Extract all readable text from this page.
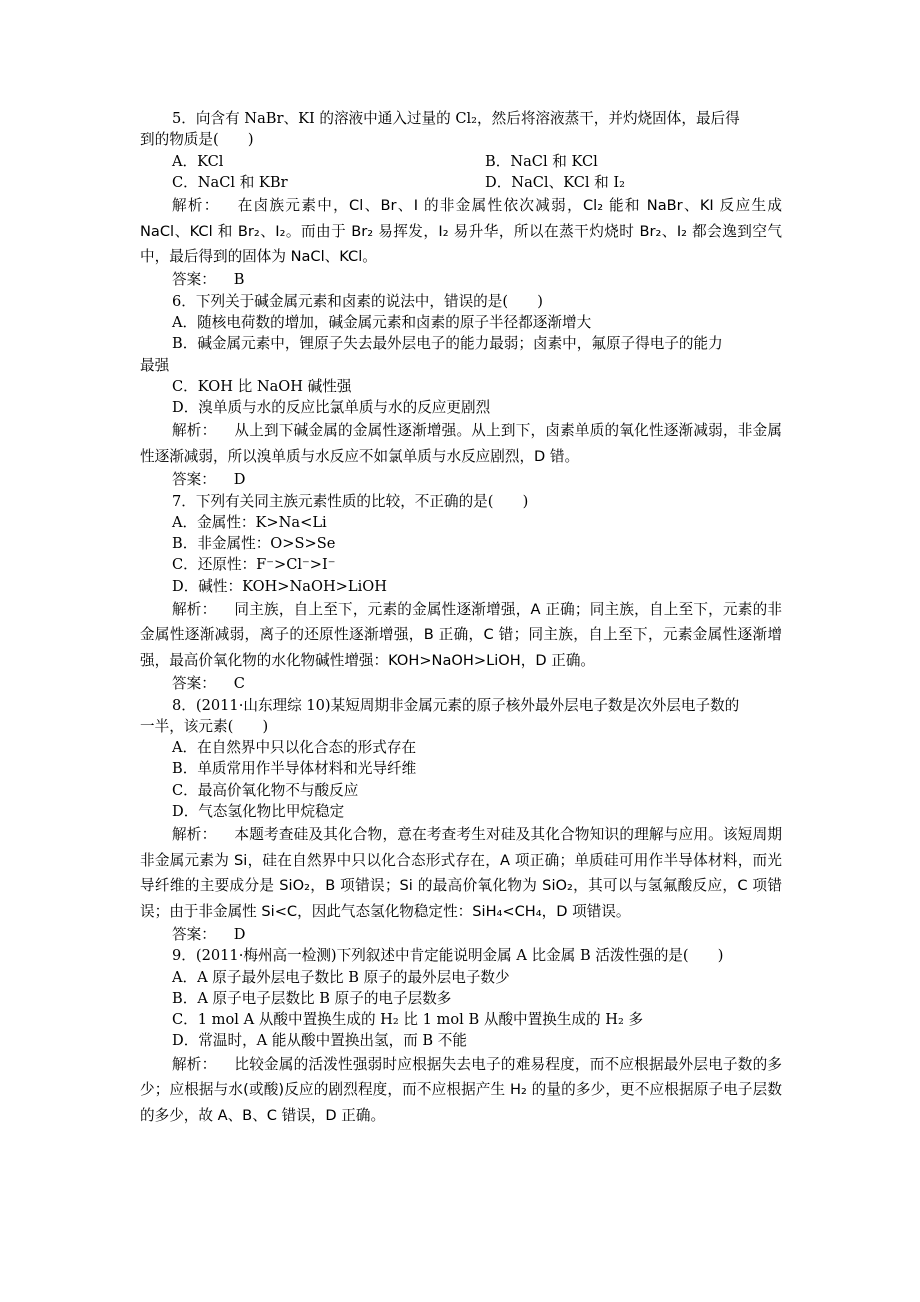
5．向含有 NaBr、KI 的溶液中通入过量的 Cl₂，然后将溶液蒸干，并灼烧固体，最后得
到的物质是(　　)
A．KCl	B．NaCl 和 KCl
C．NaCl 和 KBr	D．NaCl、KCl 和 I₂
解析： 在卤族元素中，Cl、Br、I 的非金属性依次减弱，Cl₂ 能和 NaBr、KI 反应生成 NaCl、KCl 和 Br₂、I₂。而由于 Br₂ 易挥发，I₂ 易升华，所以在蒸干灼烧时 Br₂、I₂ 都会逸到空气中，最后得到的固体为 NaCl、KCl。
答案： B
6．下列关于碱金属元素和卤素的说法中，错误的是(　　)
A．随核电荷数的增加，碱金属元素和卤素的原子半径都逐渐增大
B．碱金属元素中，锂原子失去最外层电子的能力最弱；卤素中，氟原子得电子的能力
最强
C．KOH 比 NaOH 碱性强
D．溴单质与水的反应比氯单质与水的反应更剧烈
解析： 从上到下碱金属的金属性逐渐增强。从上到下，卤素单质的氧化性逐渐减弱，非金属性逐渐减弱，所以溴单质与水反应不如氯单质与水反应剧烈，D 错。
答案： D
7．下列有关同主族元素性质的比较，不正确的是(　　)
A．金属性：K>Na<Li
B．非金属性：O>S>Se
C．还原性：F⁻>Cl⁻>I⁻
D．碱性：KOH>NaOH>LiOH
解析： 同主族，自上至下，元素的金属性逐渐增强，A 正确；同主族，自上至下，元素的非金属性逐渐减弱，离子的还原性逐渐增强，B 正确，C 错；同主族，自上至下，元素金属性逐渐增强，最高价氧化物的水化物碱性增强：KOH>NaOH>LiOH，D 正确。
答案： C
8．(2011·山东理综 10)某短周期非金属元素的原子核外最外层电子数是次外层电子数的
一半，该元素(　　)
A．在自然界中只以化合态的形式存在
B．单质常用作半导体材料和光导纤维
C．最高价氧化物不与酸反应
D．气态氢化物比甲烷稳定
解析： 本题考查硅及其化合物，意在考查考生对硅及其化合物知识的理解与应用。该短周期非金属元素为 Si，硅在自然界中只以化合态形式存在，A 项正确；单质硅可用作半导体材料，而光导纤维的主要成分是 SiO₂，B 项错误；Si 的最高价氧化物为 SiO₂，其可以与氢氟酸反应，C 项错误；由于非金属性 Si<C，因此气态氢化物稳定性：SiH₄<CH₄，D 项错误。
答案： D
9．(2011·梅州高一检测)下列叙述中肯定能说明金属 A 比金属 B 活泼性强的是(　　)
A．A 原子最外层电子数比 B 原子的最外层电子数少
B．A 原子电子层数比 B 原子的电子层数多
C．1 mol A 从酸中置换生成的 H₂ 比 1 mol B 从酸中置换生成的 H₂ 多
D．常温时，A 能从酸中置换出氢，而 B 不能
解析： 比较金属的活泼性强弱时应根据失去电子的难易程度，而不应根据最外层电子数的多少；应根据与水(或酸)反应的剧烈程度，而不应根据产生 H₂ 的量的多少，更不应根据原子电子层数的多少，故 A、B、C 错误，D 正确。
